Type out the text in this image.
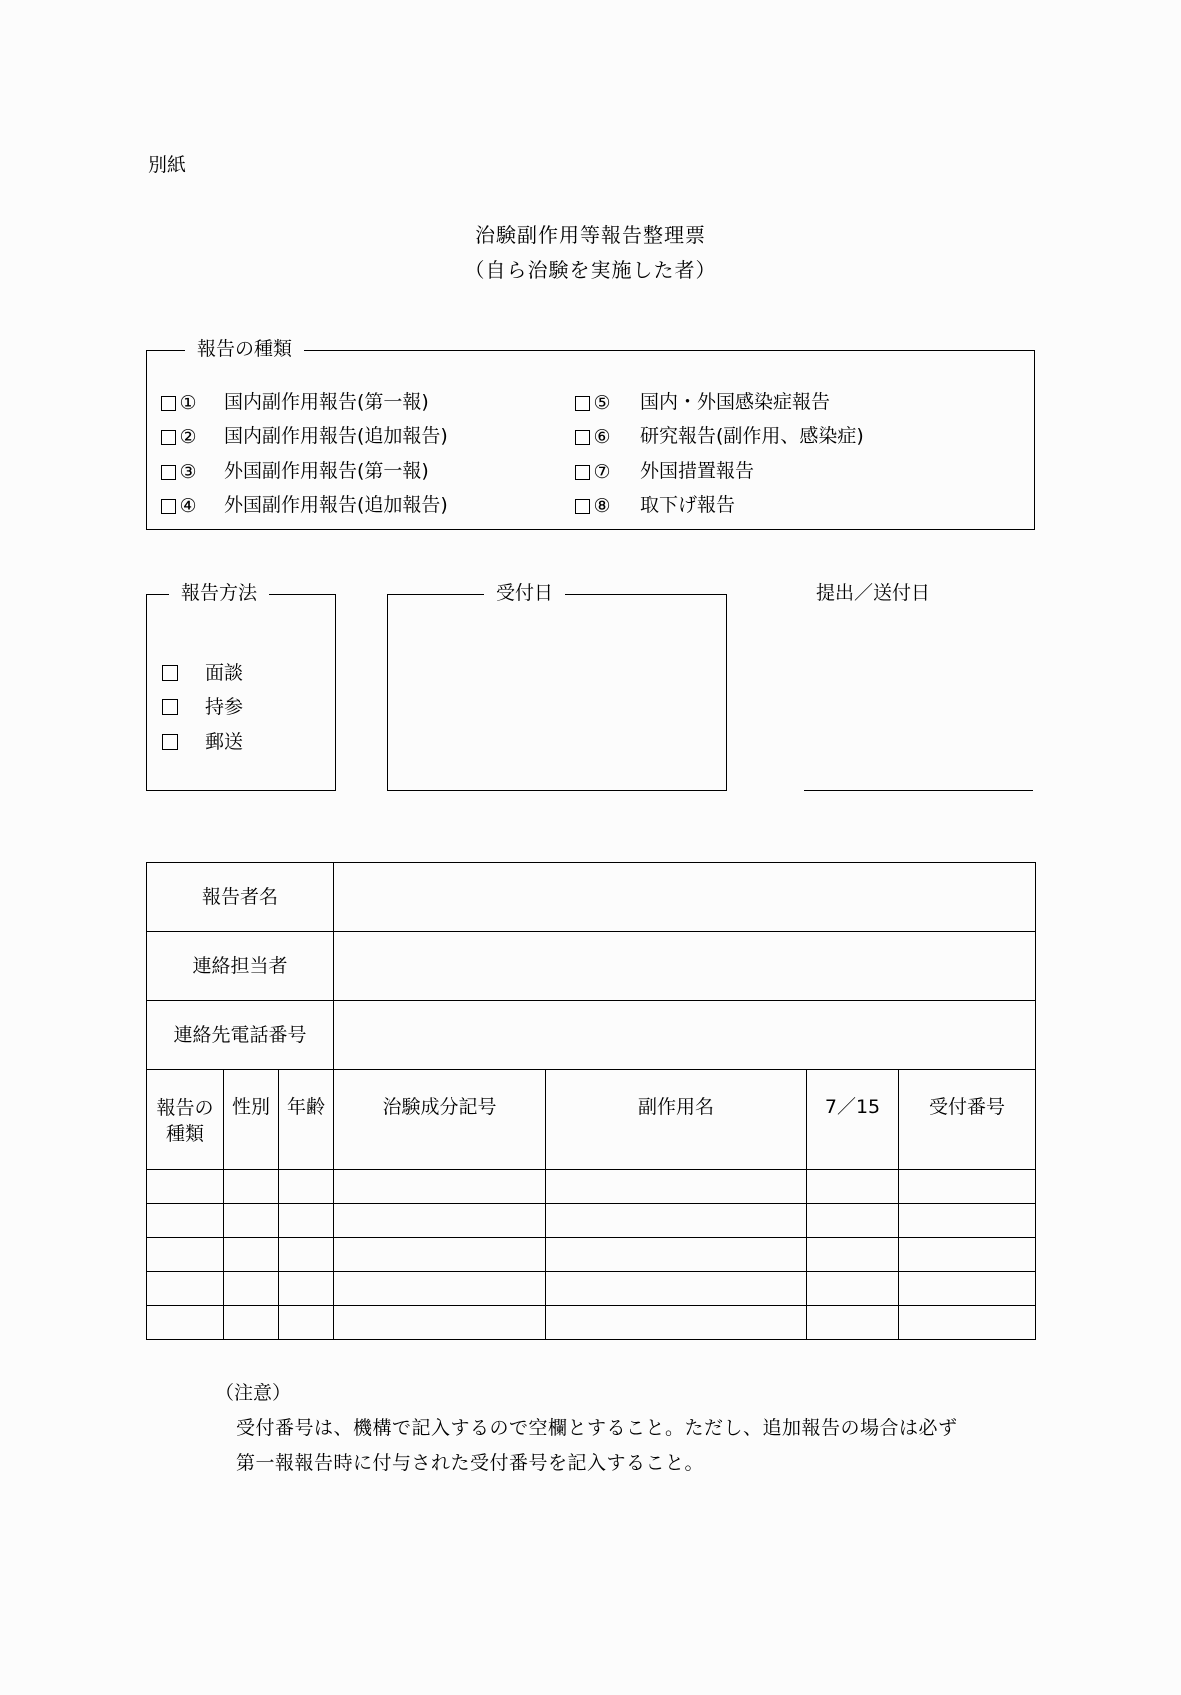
別紙
治験副作用等報告整理票
（自ら治験を実施した者）
報告の種類
① 国内副作用報告(第一報)
② 国内副作用報告(追加報告)
③ 外国副作用報告(第一報)
④ 外国副作用報告(追加報告)
⑤ 国内・外国感染症報告
⑥ 研究報告(副作用、感染症)
⑦ 外国措置報告
⑧ 取下げ報告
報告方法
面談
持参
郵送
受付日	提出／送付日
報告者名						
連絡担当者						
連絡先電話番号						
報告の
種類	性別	年齢	治験成分記号	副作用名	7／15	受付番号

（注意）
受付番号は、機構で記入するので空欄とすること。ただし、追加報告の場合は必ず
第一報報告時に付与された受付番号を記入すること。
